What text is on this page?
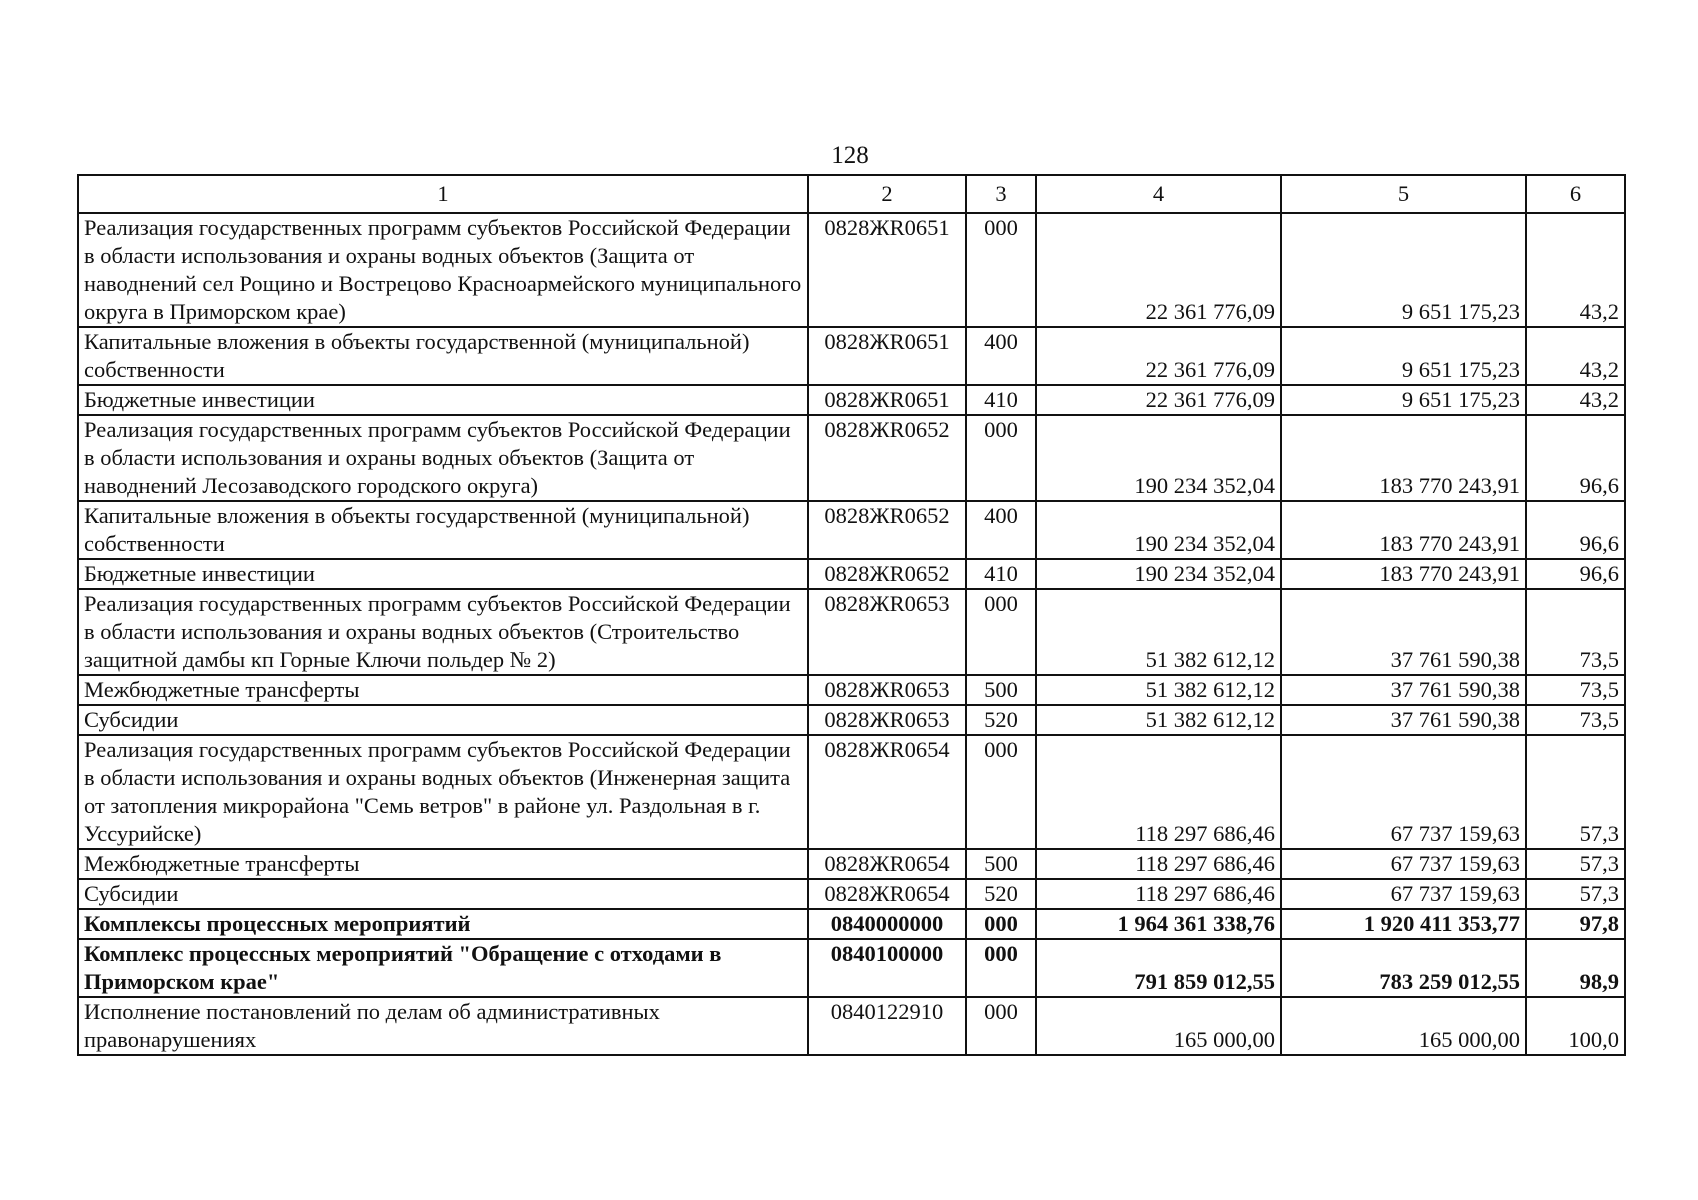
128
1	2	3	4	5	6
Реализация государственных программ субъектов Российской Федерации в области использования и охраны водных объектов (Защита от наводнений сел Рощино и Вострецово Красноармейского муниципального округа в Приморском крае)	0828ЖR0651	000	22 361 776,09	9 651 175,23	43,2
Капитальные вложения в объекты государственной (муниципальной) собственности	0828ЖR0651	400	22 361 776,09	9 651 175,23	43,2
Бюджетные инвестиции	0828ЖR0651	410	22 361 776,09	9 651 175,23	43,2
Реализация государственных программ субъектов Российской Федерации в области использования и охраны водных объектов (Защита от наводнений Лесозаводского городского округа)	0828ЖR0652	000	190 234 352,04	183 770 243,91	96,6
Капитальные вложения в объекты государственной (муниципальной) собственности	0828ЖR0652	400	190 234 352,04	183 770 243,91	96,6
Бюджетные инвестиции	0828ЖR0652	410	190 234 352,04	183 770 243,91	96,6
Реализация государственных программ субъектов Российской Федерации в области использования и охраны водных объектов (Строительство защитной дамбы кп Горные Ключи польдер № 2)	0828ЖR0653	000	51 382 612,12	37 761 590,38	73,5
Межбюджетные трансферты	0828ЖR0653	500	51 382 612,12	37 761 590,38	73,5
Субсидии	0828ЖR0653	520	51 382 612,12	37 761 590,38	73,5
Реализация государственных программ субъектов Российской Федерации в области использования и охраны водных объектов (Инженерная защита от затопления микрорайона "Семь ветров" в районе ул. Раздольная в г. Уссурийске)	0828ЖR0654	000	118 297 686,46	67 737 159,63	57,3
Межбюджетные трансферты	0828ЖR0654	500	118 297 686,46	67 737 159,63	57,3
Субсидии	0828ЖR0654	520	118 297 686,46	67 737 159,63	57,3
Комплексы процессных мероприятий	0840000000	000	1 964 361 338,76	1 920 411 353,77	97,8
Комплекс процессных мероприятий "Обращение с отходами в Приморском крае"	0840100000	000	791 859 012,55	783 259 012,55	98,9
Исполнение постановлений по делам об административных правонарушениях	0840122910	000	165 000,00	165 000,00	100,0
